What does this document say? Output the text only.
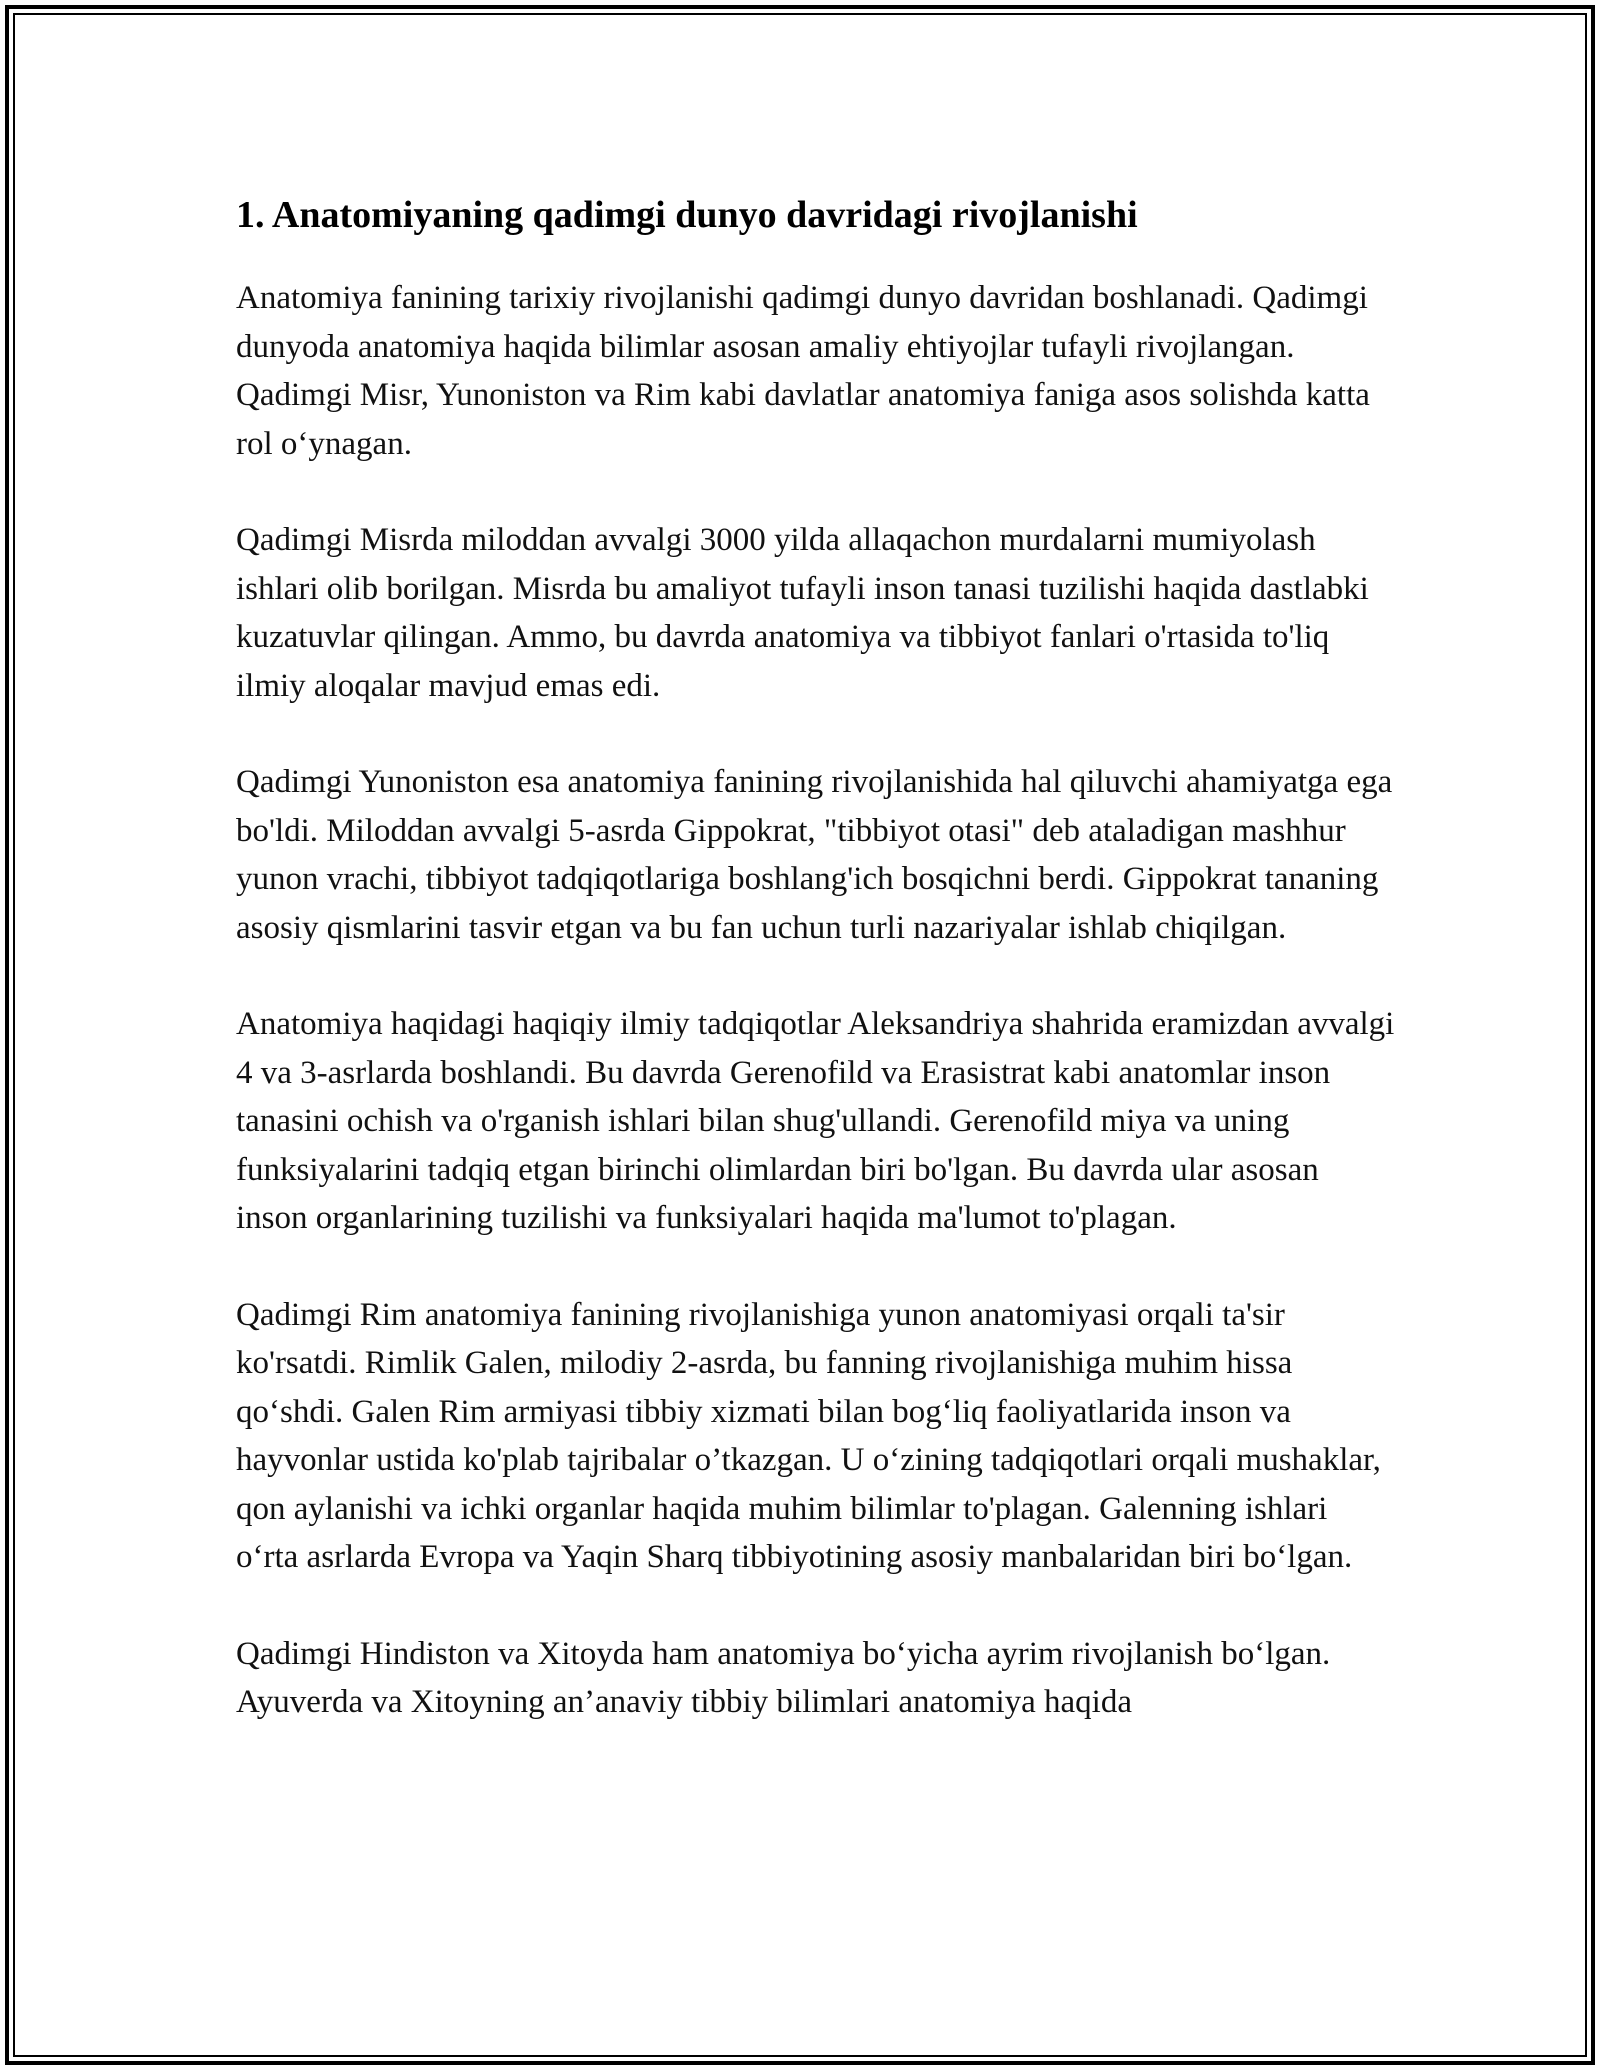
1. Anatomiyaning qadimgi dunyo davridagi rivojlanishi

Anatomiya fanining tarixiy rivojlanishi qadimgi dunyo davridan boshlanadi. Qadimgi dunyoda anatomiya haqida bilimlar asosan amaliy ehtiyojlar tufayli rivojlangan. Qadimgi Misr, Yunoniston va Rim kabi davlatlar anatomiya faniga asos solishda katta rol o‘ynagan.

Qadimgi Misrda miloddan avvalgi 3000 yilda allaqachon murdalarni mumiyolash ishlari olib borilgan. Misrda bu amaliyot tufayli inson tanasi tuzilishi haqida dastlabki kuzatuvlar qilingan. Ammo, bu davrda anatomiya va tibbiyot fanlari o'rtasida to'liq ilmiy aloqalar mavjud emas edi.

Qadimgi Yunoniston esa anatomiya fanining rivojlanishida hal qiluvchi ahamiyatga ega bo'ldi. Miloddan avvalgi 5-asrda Gippokrat, "tibbiyot otasi" deb ataladigan mashhur yunon vrachi, tibbiyot tadqiqotlariga boshlang'ich bosqichni berdi. Gippokrat tananing asosiy qismlarini tasvir etgan va bu fan uchun turli nazariyalar ishlab chiqilgan.

Anatomiya haqidagi haqiqiy ilmiy tadqiqotlar Aleksandriya shahrida eramizdan avvalgi 4 va 3-asrlarda boshlandi. Bu davrda Gerenofild va Erasistrat kabi anatomlar inson tanasini ochish va o'rganish ishlari bilan shug'ullandi. Gerenofild miya va uning funksiyalarini tadqiq etgan birinchi olimlardan biri bo'lgan. Bu davrda ular asosan inson organlarining tuzilishi va funksiyalari haqida ma'lumot to'plagan.

Qadimgi Rim anatomiya fanining rivojlanishiga yunon anatomiyasi orqali ta'sir ko'rsatdi. Rimlik Galen, milodiy 2-asrda, bu fanning rivojlanishiga muhim hissa qo‘shdi. Galen Rim armiyasi tibbiy xizmati bilan bog‘liq faoliyatlarida inson va hayvonlar ustida ko'plab tajribalar o’tkazgan. U o‘zining tadqiqotlari orqali mushaklar, qon aylanishi va ichki organlar haqida muhim bilimlar to'plagan. Galenning ishlari o‘rta asrlarda Evropa va Yaqin Sharq tibbiyotining asosiy manbalaridan biri bo‘lgan.

Qadimgi Hindiston va Xitoyda ham anatomiya bo‘yicha ayrim rivojlanish bo‘lgan. Ayuverda va Xitoyning an’anaviy tibbiy bilimlari anatomiya haqida
